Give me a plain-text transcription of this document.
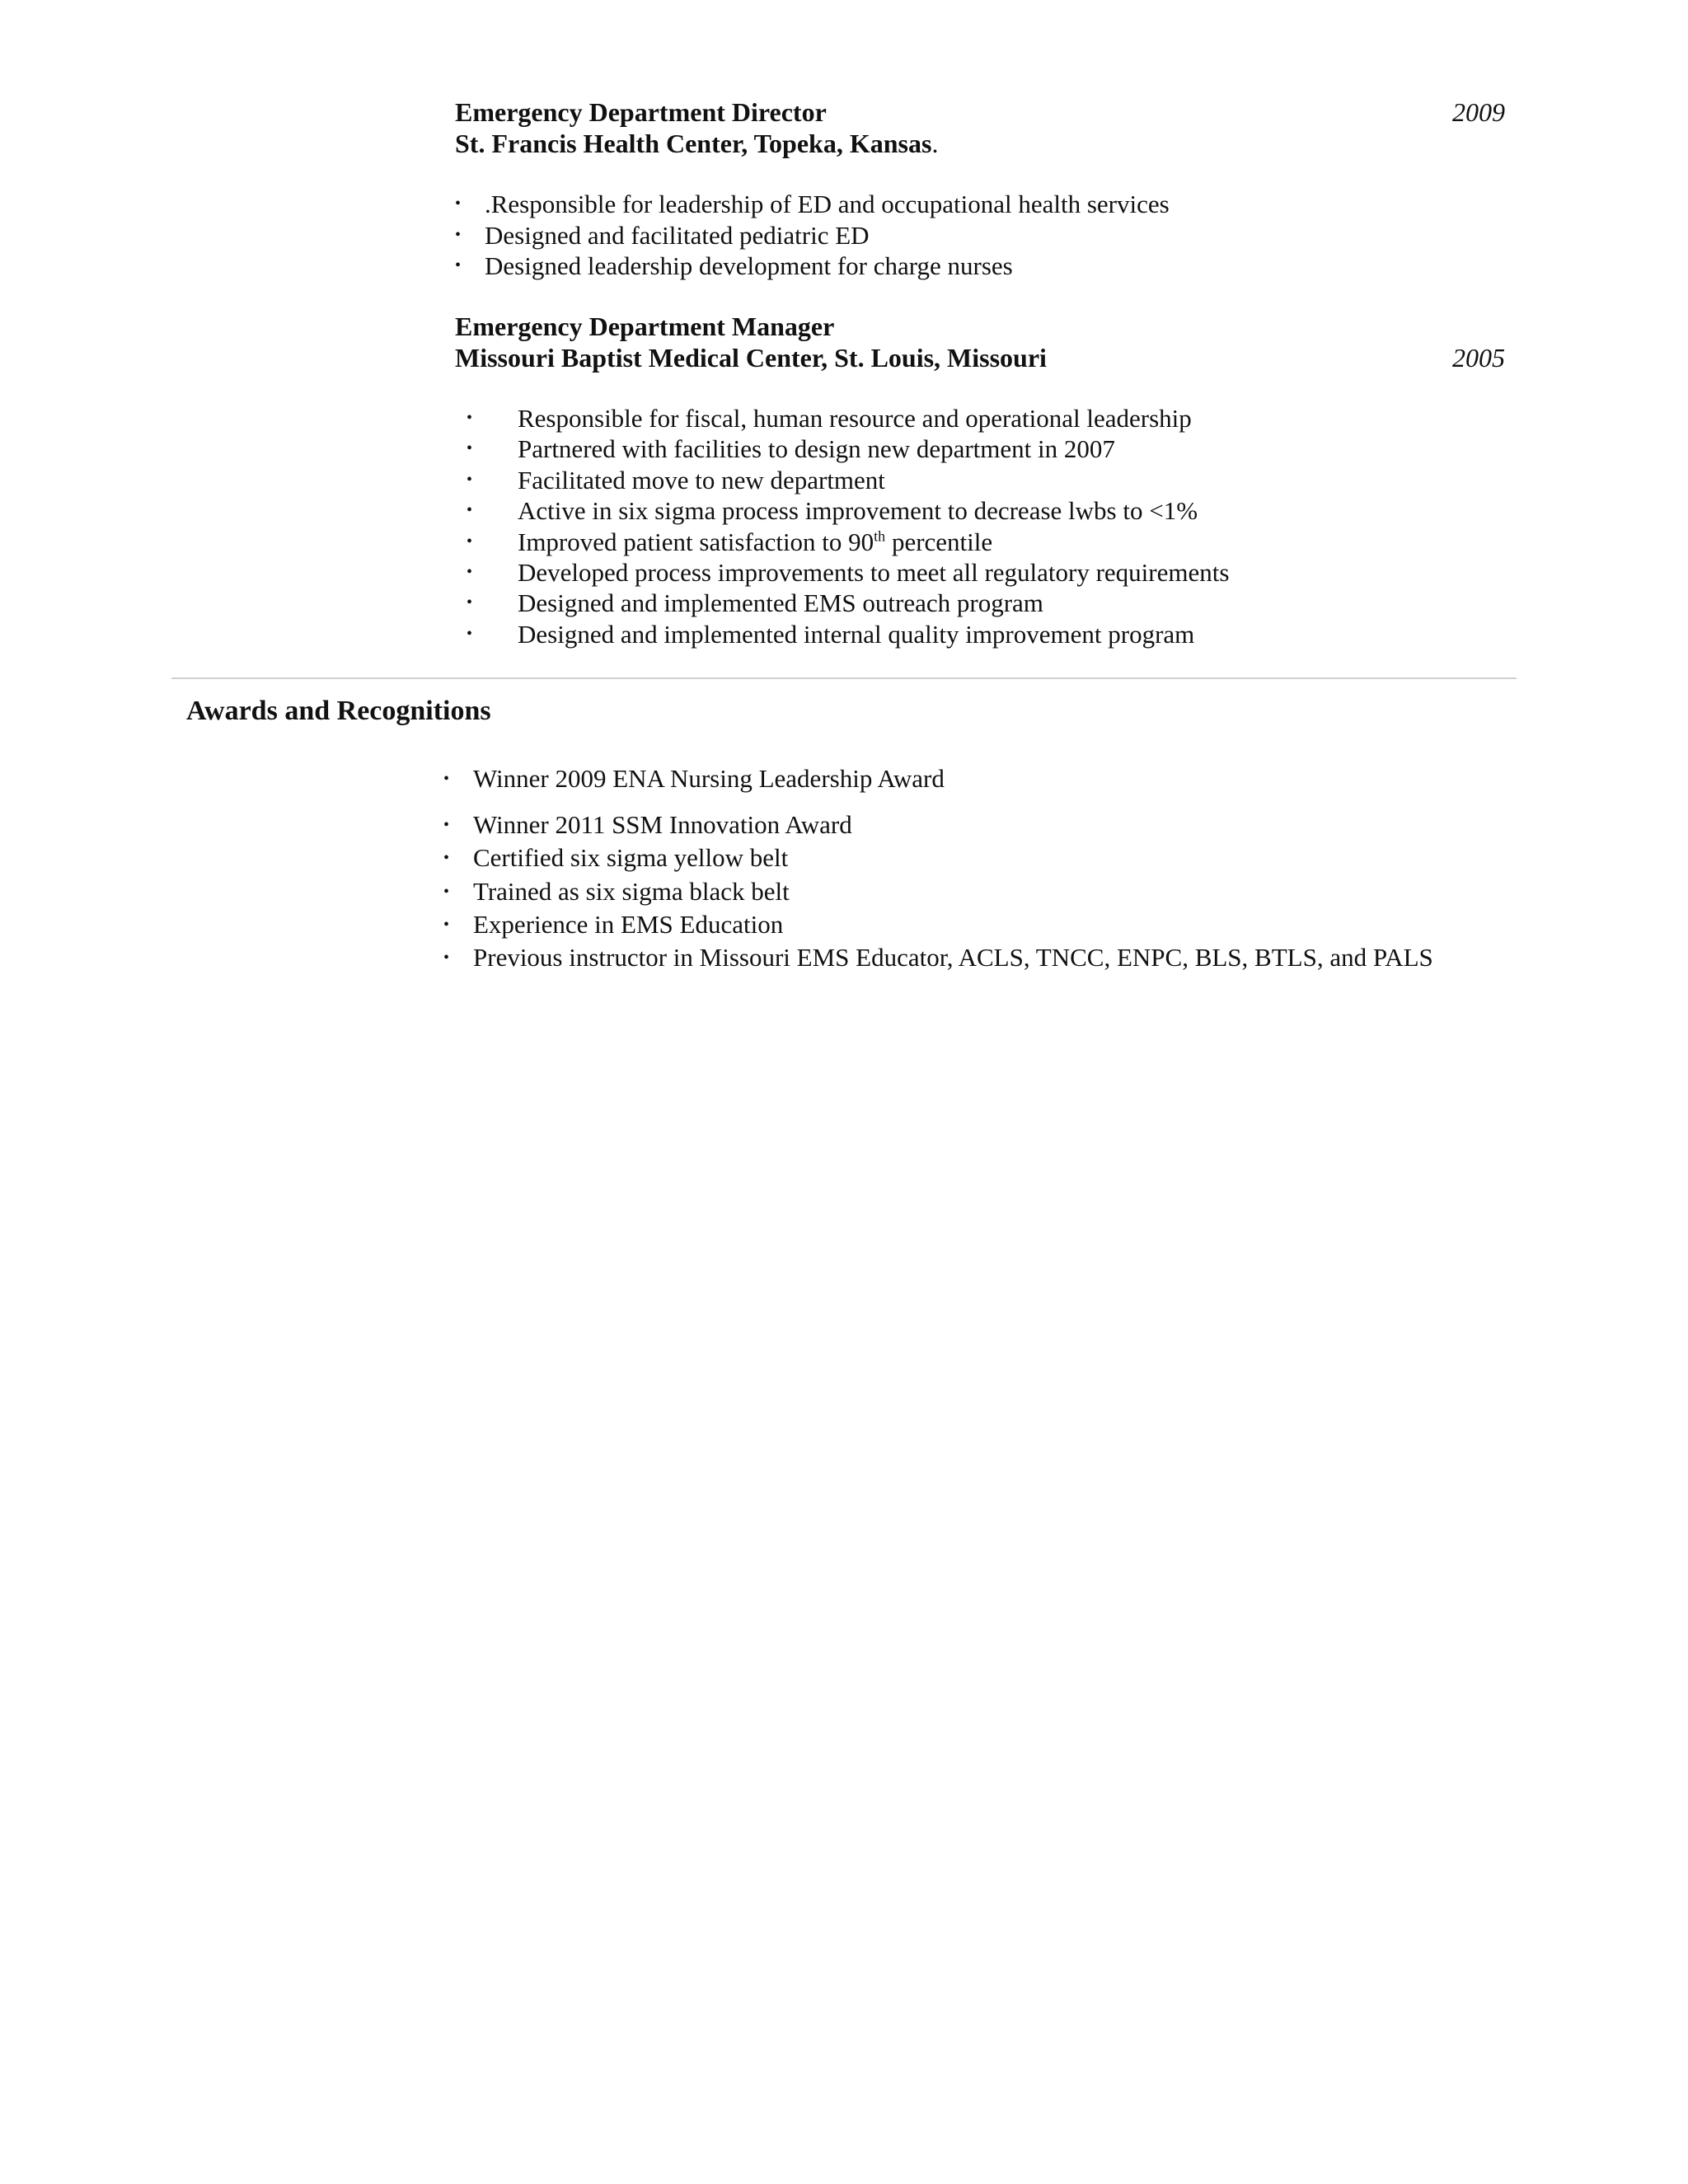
Emergency Department Director	2009
St. Francis Health Center, Topeka, Kansas.
• .Responsible for leadership of ED and occupational health services
• Designed and facilitated pediatric ED
• Designed leadership development for charge nurses
Emergency Department Manager
Missouri Baptist Medical Center, St. Louis, Missouri	2005
• Responsible for fiscal, human resource and operational leadership
• Partnered with facilities to design new department in 2007
• Facilitated move to new department
• Active in six sigma process improvement to decrease lwbs to <1%
• Improved patient satisfaction to 90th percentile
• Developed process improvements to meet all regulatory requirements
• Designed and implemented EMS outreach program
• Designed and implemented internal quality improvement program
Awards and Recognitions
• Winner 2009 ENA Nursing Leadership Award
• Winner 2011 SSM Innovation Award
• Certified six sigma yellow belt
• Trained as six sigma black belt
• Experience in EMS Education
• Previous instructor in Missouri EMS Educator, ACLS, TNCC, ENPC, BLS, BTLS, and PALS
